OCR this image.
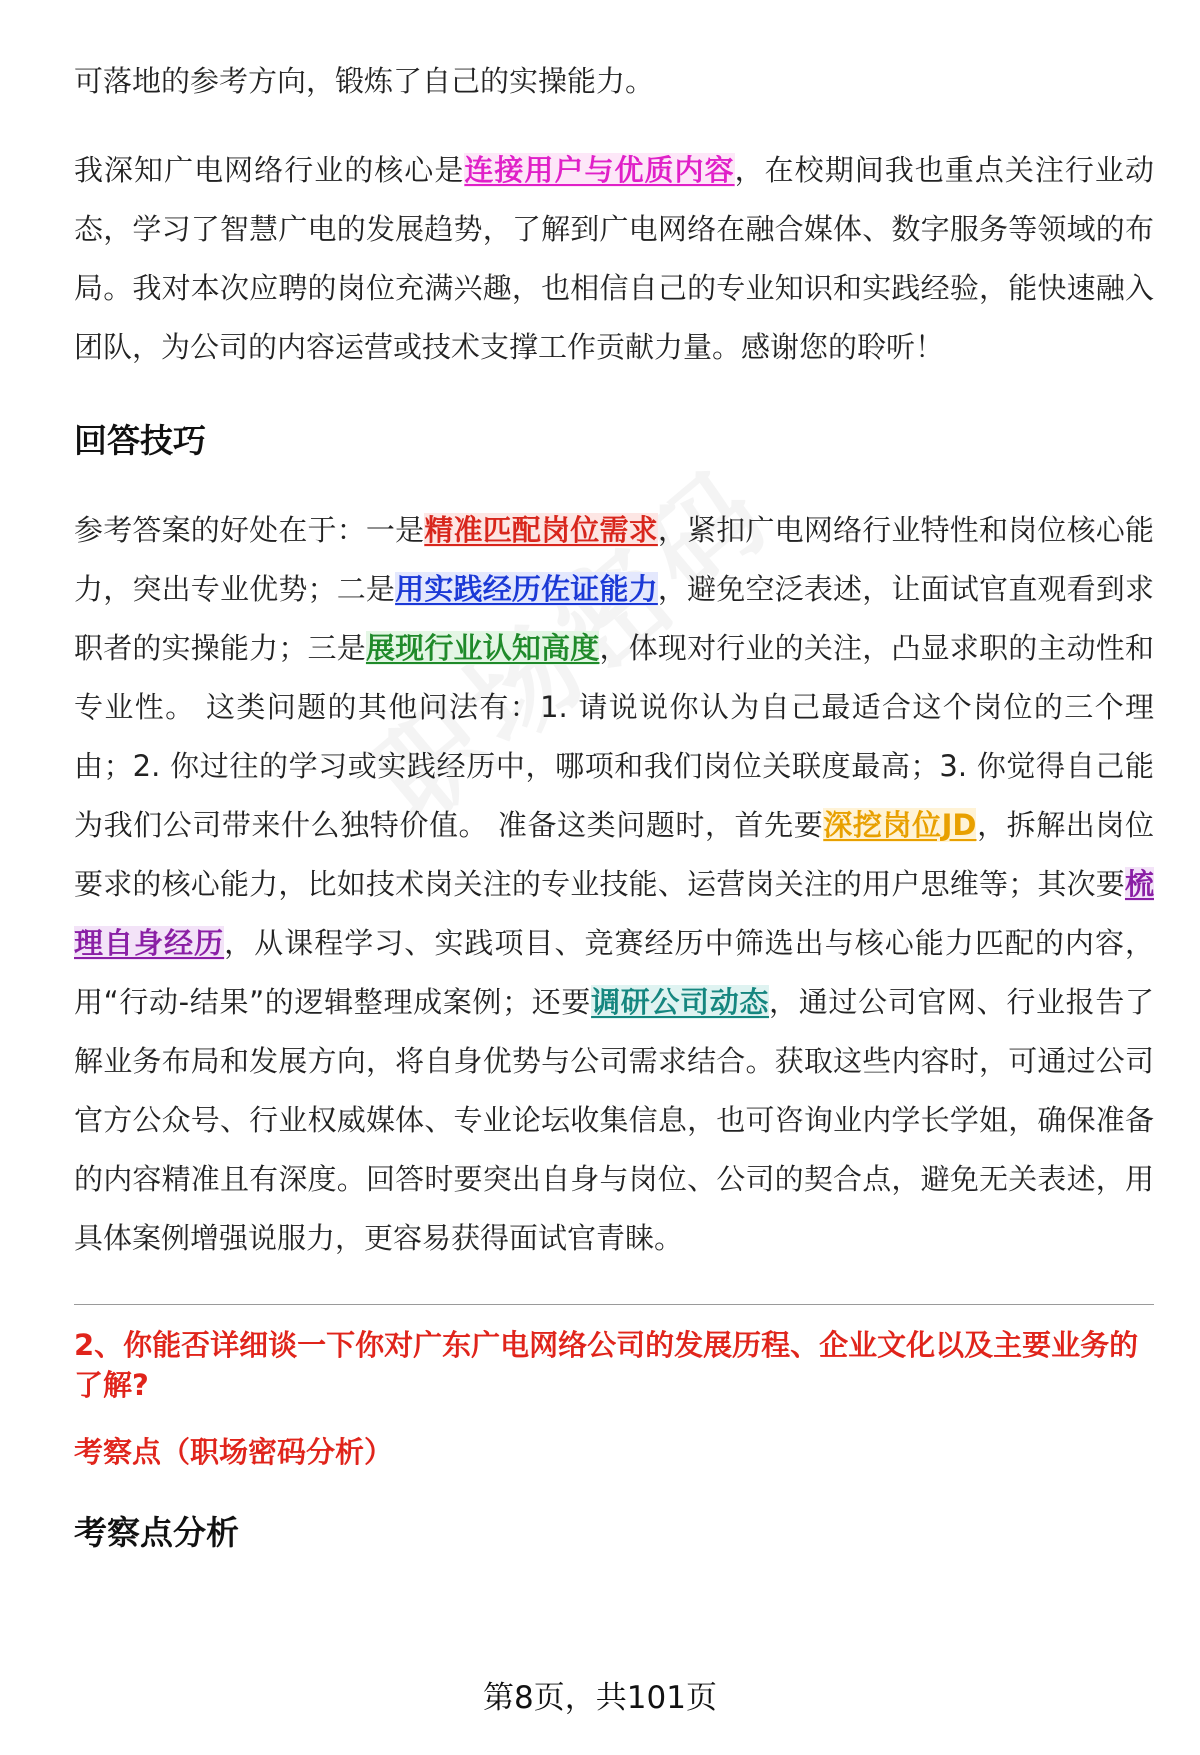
可落地的参考方向，锻炼了自己的实操能力。

我深知广电网络行业的核心是连接用户与优质内容，在校期间我也重点关注行业动态，学习了智慧广电的发展趋势，了解到广电网络在融合媒体、数字服务等领域的布局。我对本次应聘的岗位充满兴趣，也相信自己的专业知识和实践经验，能快速融入团队，为公司的内容运营或技术支撑工作贡献力量。感谢您的聆听！

回答技巧

参考答案的好处在于：一是精准匹配岗位需求，紧扣广电网络行业特性和岗位核心能力，突出专业优势；二是用实践经历佐证能力，避免空泛表述，让面试官直观看到求职者的实操能力；三是展现行业认知高度，体现对行业的关注，凸显求职的主动性和专业性。 这类问题的其他问法有：1. 请说说你认为自己最适合这个岗位的三个理由；2. 你过往的学习或实践经历中，哪项和我们岗位关联度最高；3. 你觉得自己能为我们公司带来什么独特价值。 准备这类问题时，首先要深挖岗位JD，拆解出岗位要求的核心能力，比如技术岗关注的专业技能、运营岗关注的用户思维等；其次要梳理自身经历，从课程学习、实践项目、竞赛经历中筛选出与核心能力匹配的内容，用“行动-结果”的逻辑整理成案例；还要调研公司动态，通过公司官网、行业报告了解业务布局和发展方向，将自身优势与公司需求结合。获取这些内容时，可通过公司官方公众号、行业权威媒体、专业论坛收集信息，也可咨询业内学长学姐，确保准备的内容精准且有深度。回答时要突出自身与岗位、公司的契合点，避免无关表述，用具体案例增强说服力，更容易获得面试官青睐。

2、你能否详细谈一下你对广东广电网络公司的发展历程、企业文化以及主要业务的了解?
考察点（职场密码分析）
考察点分析
第8页，共101页
